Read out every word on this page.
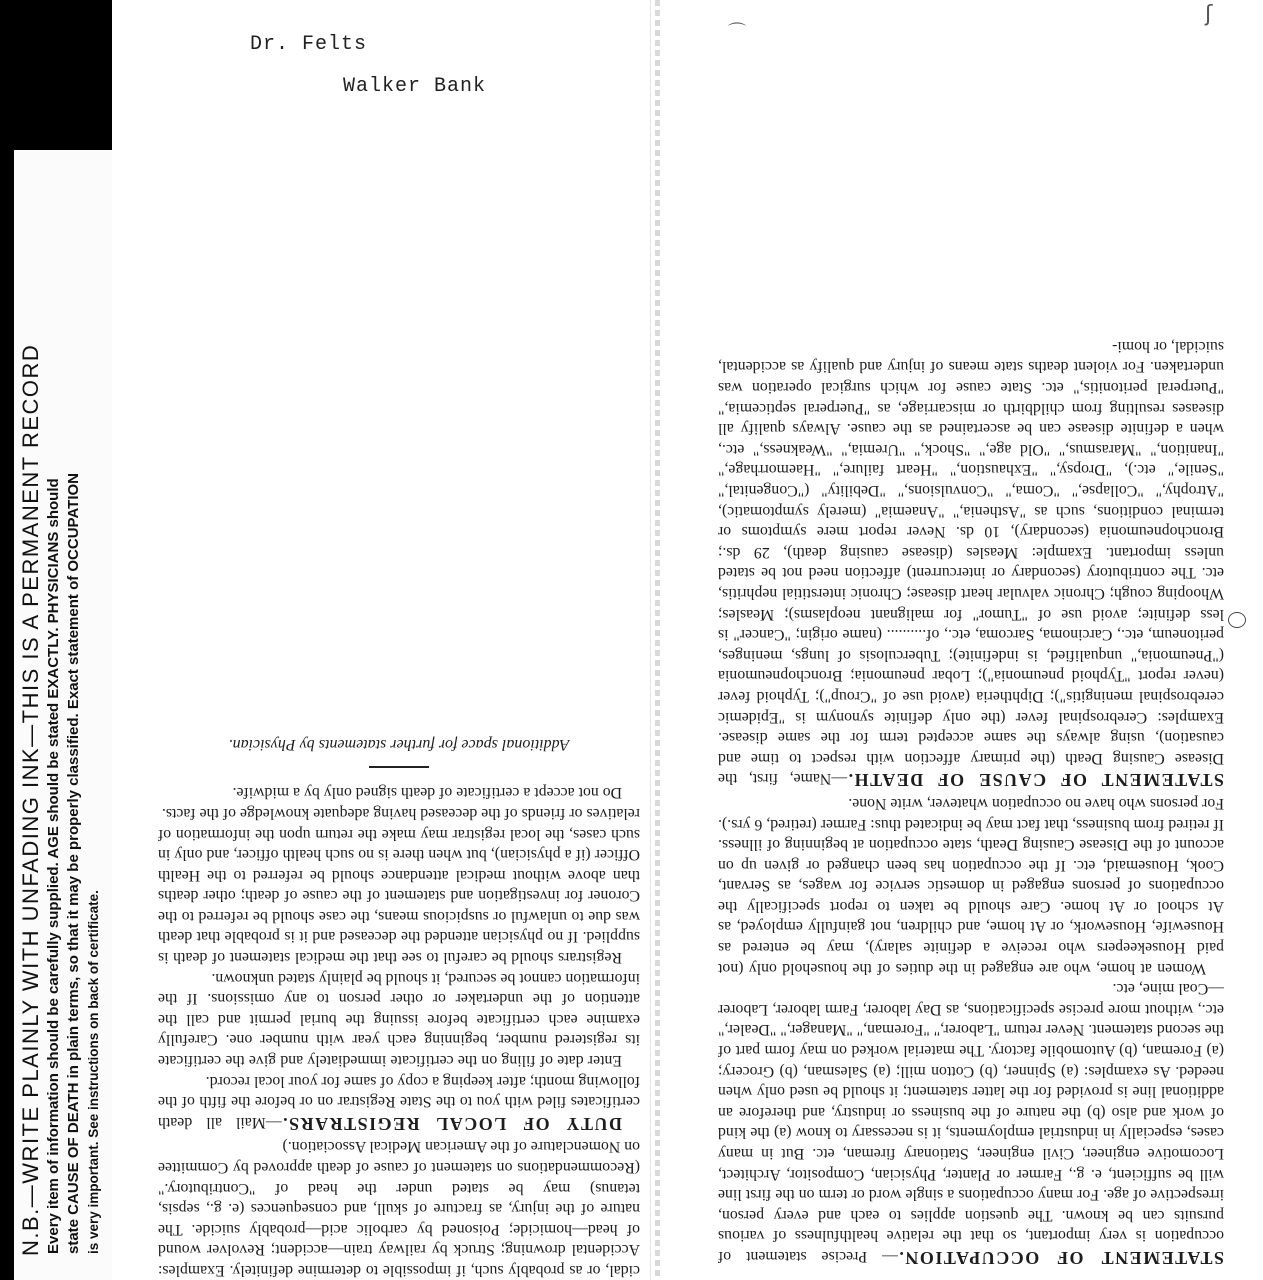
N.B.—WRITE PLAINLY WITH UNFADING INK—THIS IS A PERMANENT RECORD Every item of information should be carefully supplied. AGE should be stated EXACTLY. PHYSICIANS should state CAUSE OF DEATH in plain terms, so that it may be properly classified. Exact statement of OCCUPATION is very important. See instructions on back of certificate.
Dr. Felts
Walker Bank

cidal, or as probably such, if impossible to determine definitely. Examples: Accidental drowning; Struck by railway train—accident; Revolver wound of head—homicide; Poisoned by carbolic acid—probably suicide. The nature of the injury, as fracture of skull, and consequences (e. g., sepsis, tetanus) may be stated under the head of "Contributory." (Recommendations on statement of cause of death approved by Committee on Nomenclature of the American Medical Association.)

DUTY OF LOCAL REGISTRARS.—Mail all death certificates filed with you to the State Registrar on or before the fifth of the following month; after keeping a copy of same for your local record.

Enter date of filing on the certificate immediately and give the certificate its registered number, beginning each year with number one. Carefully examine each certificate before issuing the burial permit and call the attention of the undertaker or other person to any omissions. If the information cannot be secured, it should be plainly stated unknown.

Registrars should be careful to see that the medical statement of death is supplied. If no physician attended the deceased and it is probable that death was due to unlawful or suspicious means, the case should be referred to the Coroner for investigation and statement of the cause of death; other deaths than above without medical attendance should be referred to the Health Officer (if a physician), but when there is no such health officer, and only in such cases, the local registrar may make the return upon the information of relatives or friends of the deceased having adequate knowledge of the facts.

Do not accept a certificate of death signed only by a midwife.

Additional space for further statements by Physician.

STATEMENT OF OCCUPATION.— Precise statement of occupation is very important, so that the relative healthfulness of various pursuits can be known. The question applies to each and every person, irrespective of age. For many occupations a single word or term on the first line will be sufficient, e. g., Farmer or Planter, Physician, Compositor, Architect, Locomotive engineer, Civil engineer, Stationary fireman, etc. But in many cases, especially in industrial employments, it is necessary to know (a) the kind of work and also (b) the nature of the business or industry, and therefore an additional line is provided for the latter statement; it should be used only when needed. As examples: (a) Spinner, (b) Cotton mill; (a) Salesman, (b) Grocery; (a) Foreman, (b) Automobile factory. The material worked on may form part of the second statement. Never return "Laborer," "Foreman," "Manager," "Dealer," etc., without more precise specifications, as Day laborer, Farm laborer, Laborer—Coal mine, etc.

Women at home, who are engaged in the duties of the household only (not paid Housekeepers who receive a definite salary), may be entered as Housewife, Housework, or At home, and children, not gainfully employed, as At school or At home. Care should be taken to report specifically the occupations of persons engaged in domestic service for wages, as Servant, Cook, Housemaid, etc. If the occupation has been changed or given up on account of the Disease Causing Death, state occupation at beginning of illness. If retired from business, that fact may be indicated thus: Farmer (retired, 6 yrs.). For persons who have no occupation whatever, write None.

STATEMENT OF CAUSE OF DEATH.—Name, first, the Disease Causing Death (the primary affection with respect to time and causation), using always the same accepted term for the same disease. Examples: Cerebrospinal fever (the only definite synonym is "Epidemic cerebrospinal meningitis"); Diphtheria (avoid use of "Croup"); Typhoid fever (never report "Typhoid pneumonia"); Lobar pneumonia; Bronchopneumonia ("Pneumonia," unqualified, is indefinite); Tuberculosis of lungs, meninges, peritoneum, etc., Carcinoma, Sarcoma, etc., of.......... (name origin; "Cancer" is less definite; avoid use of "Tumor" for malignant neoplasms); Measles; Whooping cough; Chronic valvular heart disease; Chronic interstitial nephritis, etc. The contributory (secondary or intercurrent) affection need not be stated unless important. Example: Measles (disease causing death), 29 ds.; Bronchopneumonia (secondary), 10 ds. Never report mere symptoms or terminal conditions, such as "Asthenia," "Anaemia" (merely symptomatic), "Atrophy," "Collapse," "Coma," "Convulsions," "Debility" ("Congenital," "Senile," etc.), "Dropsy," "Exhaustion," "Heart failure," "Haemorrhage," "Inanition," "Marasmus," "Old age," "Shock," "Uremia," "Weakness," etc., when a definite disease can be ascertained as the cause. Always qualify all diseases resulting from childbirth or miscarriage, as "Puerperal septicemia," "Puerperal peritonitis," etc. State cause for which surgical operation was undertaken. For violent deaths state means of injury and qualify as accidental, suicidal, or homi-

ʃ
⌒
